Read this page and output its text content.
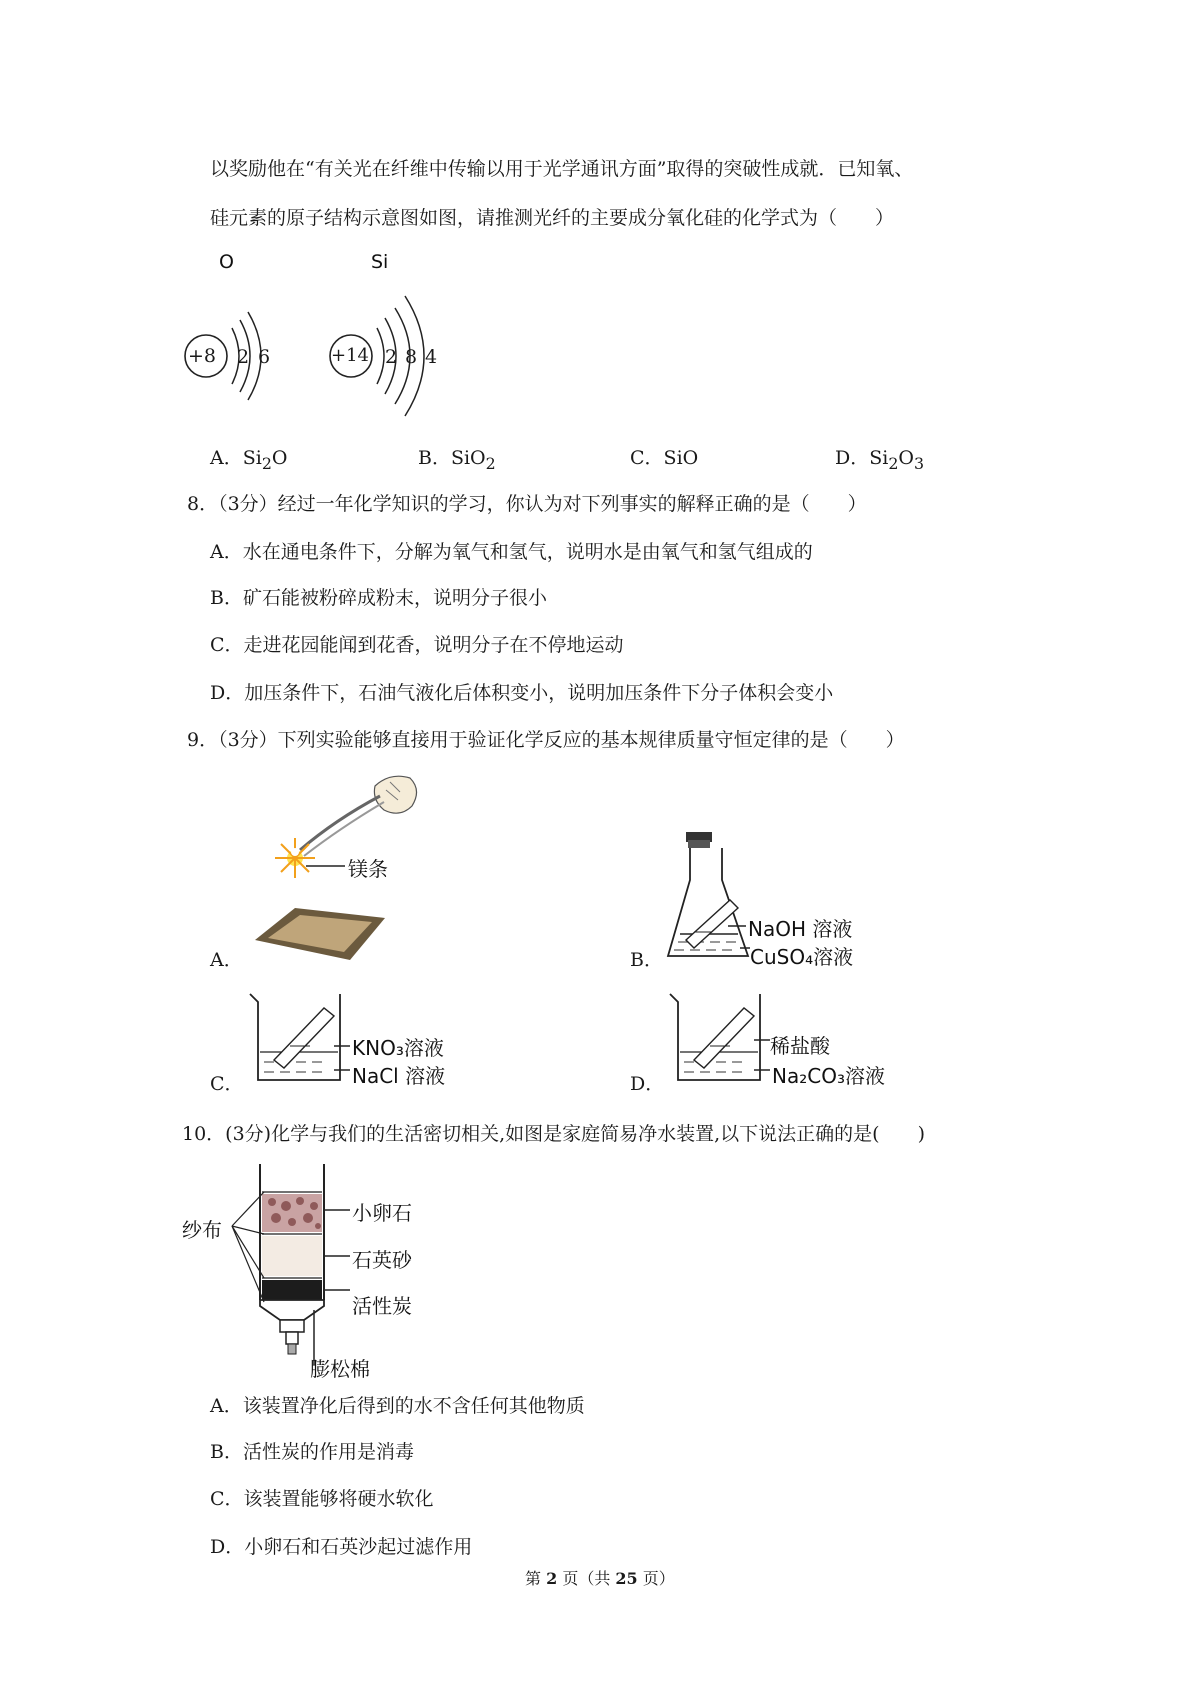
以奖励他在“有关光在纤维中传输以用于光学通讯方面”取得的突破性成就．已知氧、
硅元素的原子结构示意图如图，请推测光纤的主要成分氧化硅的化学式为（　　）
O
+8 2 6
Si
+14 2 8 4
A．$Si_2O$	B．SiO$_2$	C．SiO	D．$Si_2O_3$
8．（3分）经过一年化学知识的学习，你认为对下列事实的解释正确的是（　　）
A．水在通电条件下，分解为氧气和氢气，说明水是由氧气和氢气组成的
B．矿石能被粉碎成粉末，说明分子很小
C．走进花园能闻到花香，说明分子在不停地运动
D．加压条件下，石油气液化后体积变小，说明加压条件下分子体积会变小
9．（3分）下列实验能够直接用于验证化学反应的基本规律质量守恒定律的是（　　）
镁条
A．
NaOH 溶液
CuSO₄溶液
B．
KNO₃溶液
NaCl 溶液
C．
稀盐酸
Na₂CO₃溶液
D．
10．(3分)化学与我们的生活密切相关,如图是家庭简易净水装置,以下说法正确的是(　　)
纱布
小卵石
石英砂
活性炭
膨松棉
A．该装置净化后得到的水不含任何其他物质
B．活性炭的作用是消毒
C．该装置能够将硬水软化
D．小卵石和石英沙起过滤作用
第 2 页（共 25 页）
